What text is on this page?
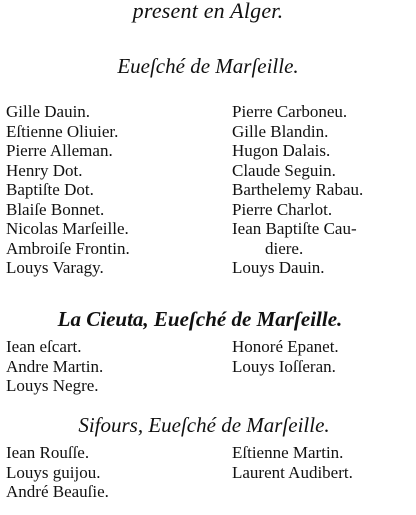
present en Alger.
Eueſché de Marſeille.
Gille Dauin.
Eſtienne Oliuier.
Pierre Alleman.
Henry Dot.
Baptiſte Dot.
Blaiſe Bonnet.
Nicolas Marſeille.
Ambroiſe Frontin.
Louys Varagy.
Pierre Carboneu.
Gille Blandin.
Hugon Dalais.
Claude Seguin.
Barthelemy Rabau.
Pierre Charlot.
Iean Baptiſte Cau-
diere.
Louys Dauin.
La Cieuta, Eueſché de Marſeille.
Iean eſcart.
Andre Martin.
Louys Negre.
Honoré Epanet.
Louys Ioſſeran.
Sifours, Eueſché de Marſeille.
Iean Rouſſe.
Louys guijou.
André Beauſie.
Eſtienne Martin.
Laurent Audibert.
